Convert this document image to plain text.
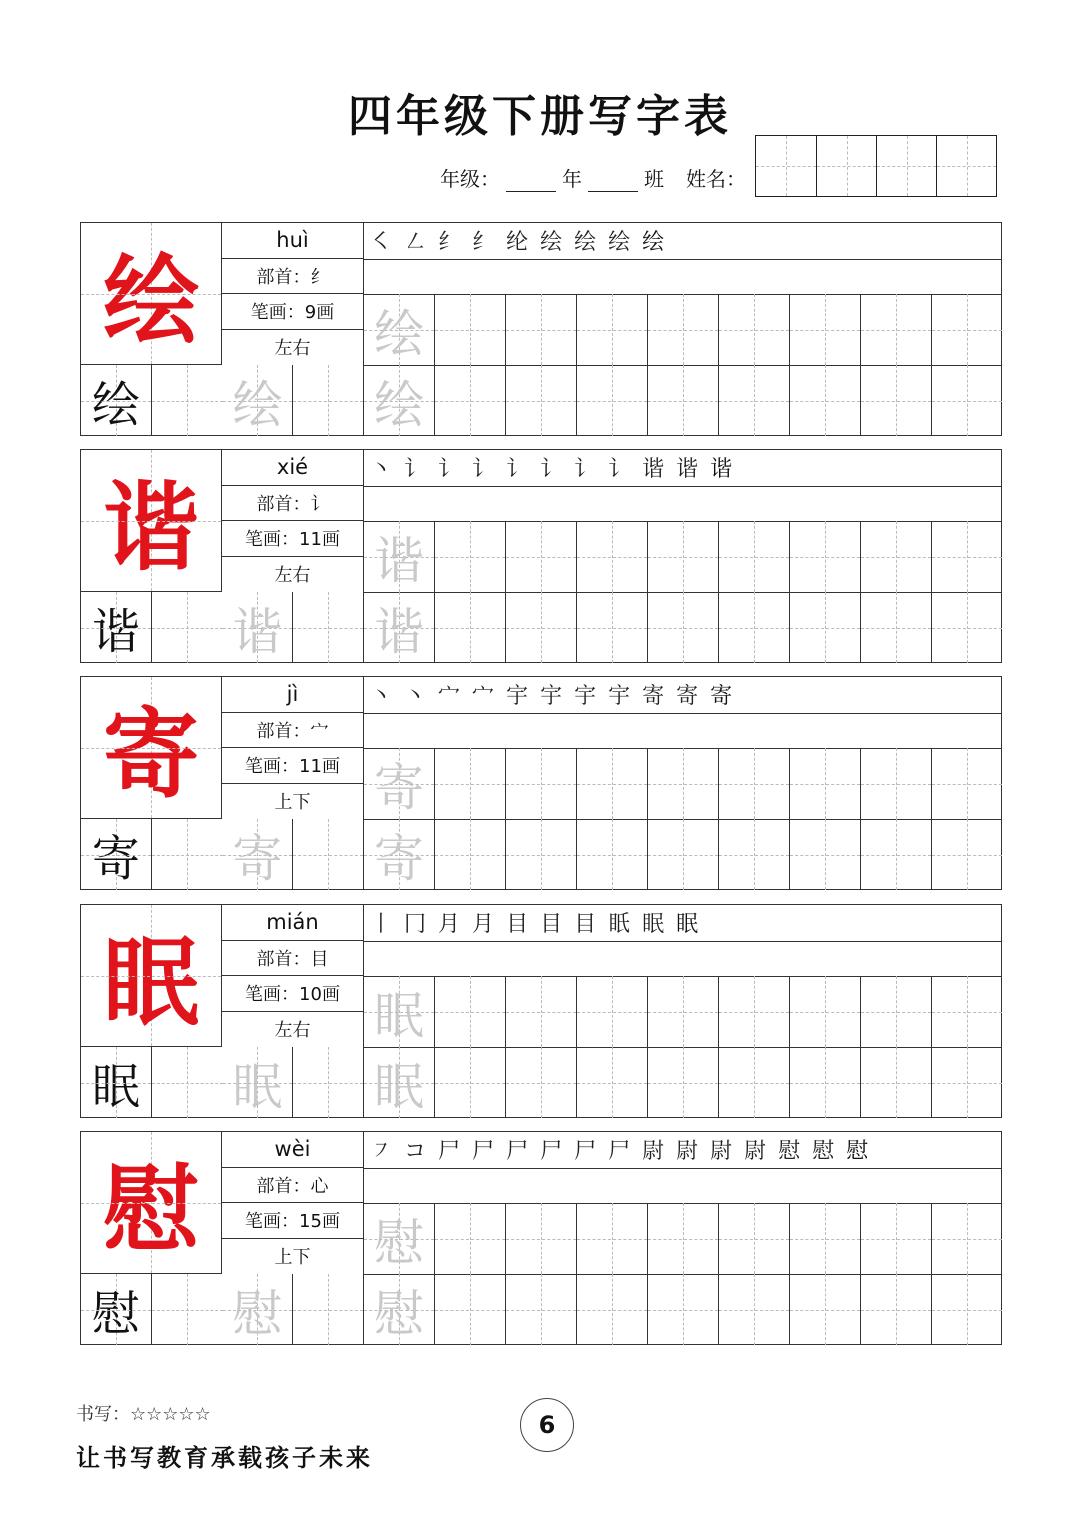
四年级下册写字表
年级：	年	班 姓名：
绘
huì
部首：纟
笔画：9画
左右
㇛ ㇜ 纟 纟 纶 绘 绘 绘 绘
绘
绘 绘 绘
谐
xié
部首：讠
笔画：11画
左右
丶 讠 讠 讠 讠 讠 讠 讠 谐 谐 谐
谐
谐 谐 谐
寄
jì
部首：宀
笔画：11画
上下
丶 丶 宀 宀 宇 宇 宇 宇 寄 寄 寄
寄
寄 寄 寄
眠
mián
部首：目
笔画：10画
左右
丨 冂 月 月 目 目 目 眂 眠 眠
眠
眠 眠 眠
慰
wèi
部首：心
笔画：15画
上下
㇇ コ 尸 尸 尸 尸 尸 尸 尉 尉 尉 尉 慰 慰 慰
慰
慰 慰 慰
书写：☆☆☆☆☆
让书写教育承载孩子未来
6
